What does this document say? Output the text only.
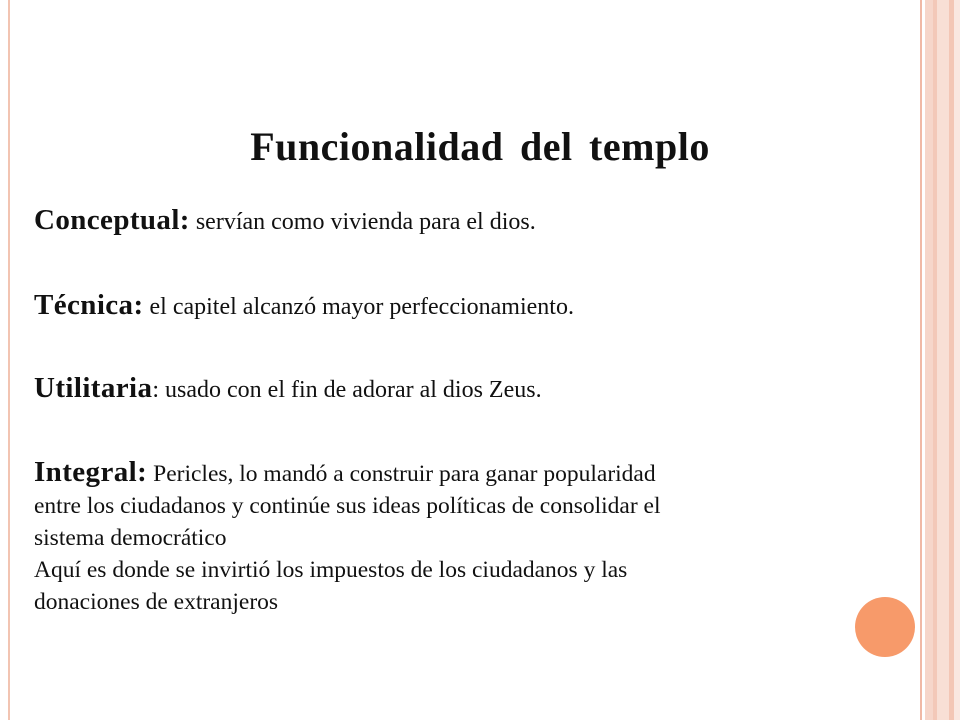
Funcionalidad del templo

Conceptual: servían como vivienda para el dios.

Técnica: el capitel alcanzó mayor perfeccionamiento.

Utilitaria: usado con el fin de adorar al dios Zeus.

Integral: Pericles, lo mandó a construir para ganar popularidad
entre los ciudadanos y continúe sus ideas políticas de consolidar el
sistema democrático
Aquí es donde se invirtió los impuestos de los ciudadanos y las
donaciones de extranjeros
